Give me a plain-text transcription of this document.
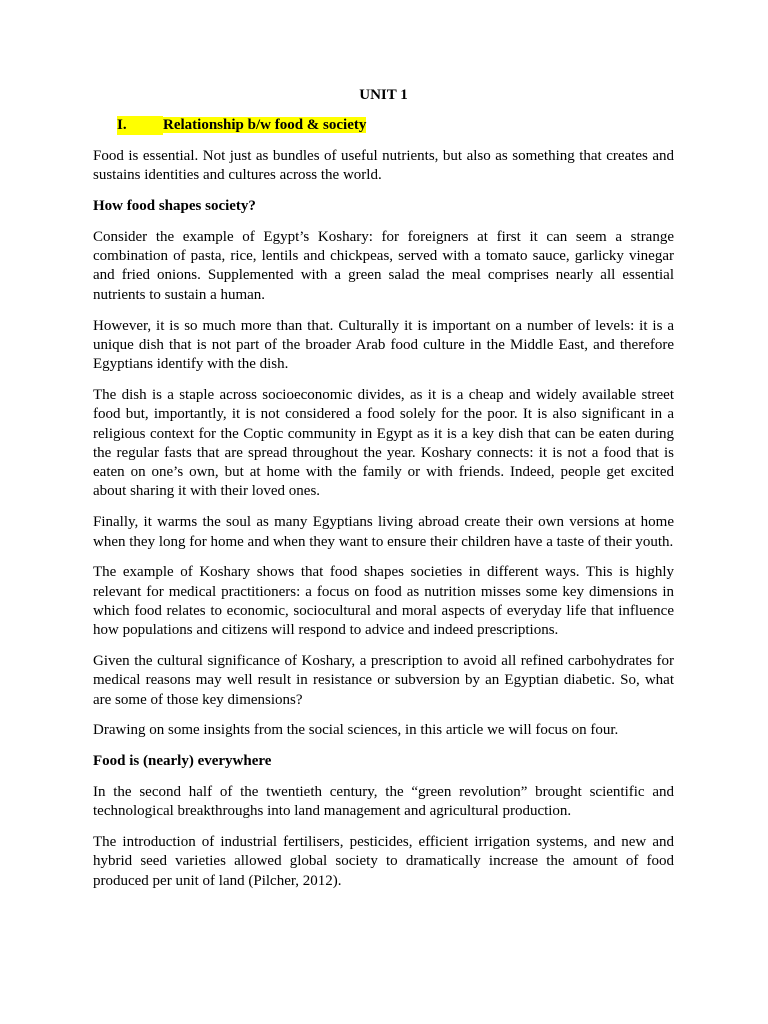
UNIT 1
I. Relationship b/w food & society

Food is essential. Not just as bundles of useful nutrients, but also as something that creates and sustains identities and cultures across the world.

How food shapes society?

Consider the example of Egypt’s Koshary: for foreigners at first it can seem a strange combination of pasta, rice, lentils and chickpeas, served with a tomato sauce, garlicky vinegar and fried onions. Supplemented with a green salad the meal comprises nearly all essential nutrients to sustain a human.

However, it is so much more than that. Culturally it is important on a number of levels: it is a unique dish that is not part of the broader Arab food culture in the Middle East, and therefore Egyptians identify with the dish.

The dish is a staple across socioeconomic divides, as it is a cheap and widely available street food but, importantly, it is not considered a food solely for the poor. It is also significant in a religious context for the Coptic community in Egypt as it is a key dish that can be eaten during the regular fasts that are spread throughout the year. Koshary connects: it is not a food that is eaten on one’s own, but at home with the family or with friends. Indeed, people get excited about sharing it with their loved ones.

Finally, it warms the soul as many Egyptians living abroad create their own versions at home when they long for home and when they want to ensure their children have a taste of their youth.

The example of Koshary shows that food shapes societies in different ways. This is highly relevant for medical practitioners: a focus on food as nutrition misses some key dimensions in which food relates to economic, sociocultural and moral aspects of everyday life that influence how populations and citizens will respond to advice and indeed prescriptions.

Given the cultural significance of Koshary, a prescription to avoid all refined carbohydrates for medical reasons may well result in resistance or subversion by an Egyptian diabetic. So, what are some of those key dimensions?

Drawing on some insights from the social sciences, in this article we will focus on four.

Food is (nearly) everywhere

In the second half of the twentieth century, the “green revolution” brought scientific and technological breakthroughs into land management and agricultural production.

The introduction of industrial fertilisers, pesticides, efficient irrigation systems, and new and hybrid seed varieties allowed global society to dramatically increase the amount of food produced per unit of land (Pilcher, 2012).
